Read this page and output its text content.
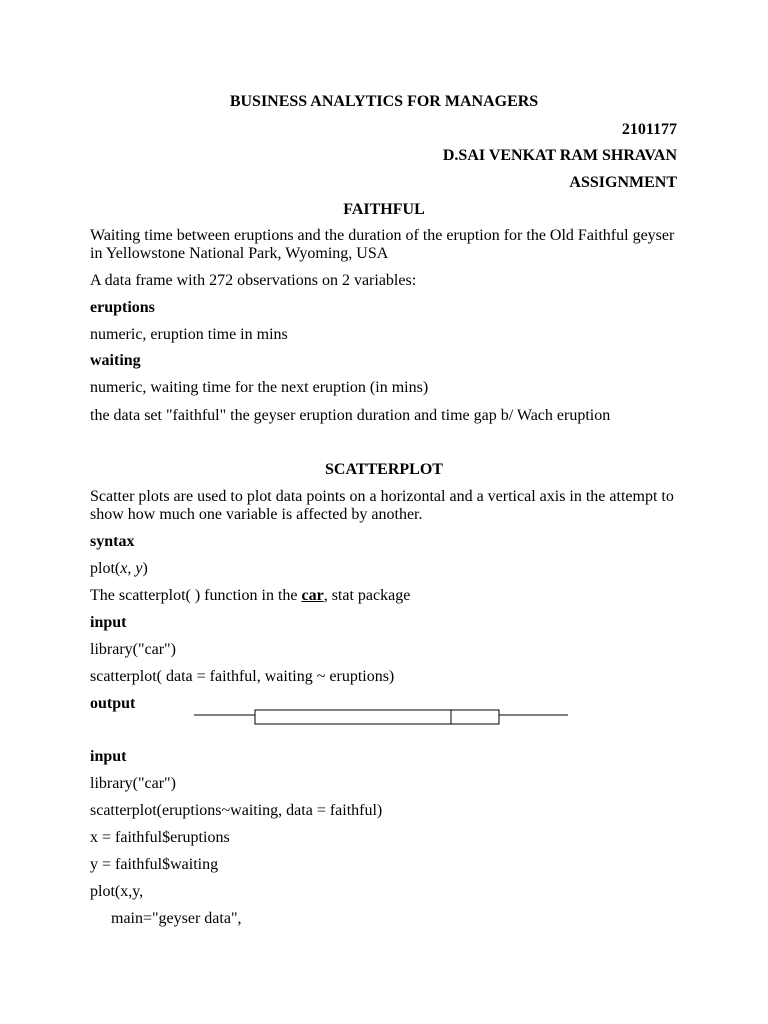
BUSINESS ANALYTICS FOR MANAGERS
2101177
D.SAI VENKAT RAM SHRAVAN
ASSIGNMENT
FAITHFUL
Waiting time between eruptions and the duration of the eruption for the Old Faithful geyser in Yellowstone National Park, Wyoming, USA
A data frame with 272 observations on 2 variables:
eruptions
numeric, eruption time in mins
waiting
numeric, waiting time for the next eruption (in mins)
the data set "faithful" the geyser eruption duration and time gap b/ Wach eruption
SCATTERPLOT
Scatter plots are used to plot data points on a horizontal and a vertical axis in the attempt to show how much one variable is affected by another.
syntax
plot(x, y)
The scatterplot( ) function in the car, stat package
input
library("car")
scatterplot( data = faithful, waiting ~ eruptions)
output
input
library("car")
scatterplot(eruptions~waiting, data = faithful)
x = faithful$eruptions
y = faithful$waiting
plot(x,y,
main="geyser data",
